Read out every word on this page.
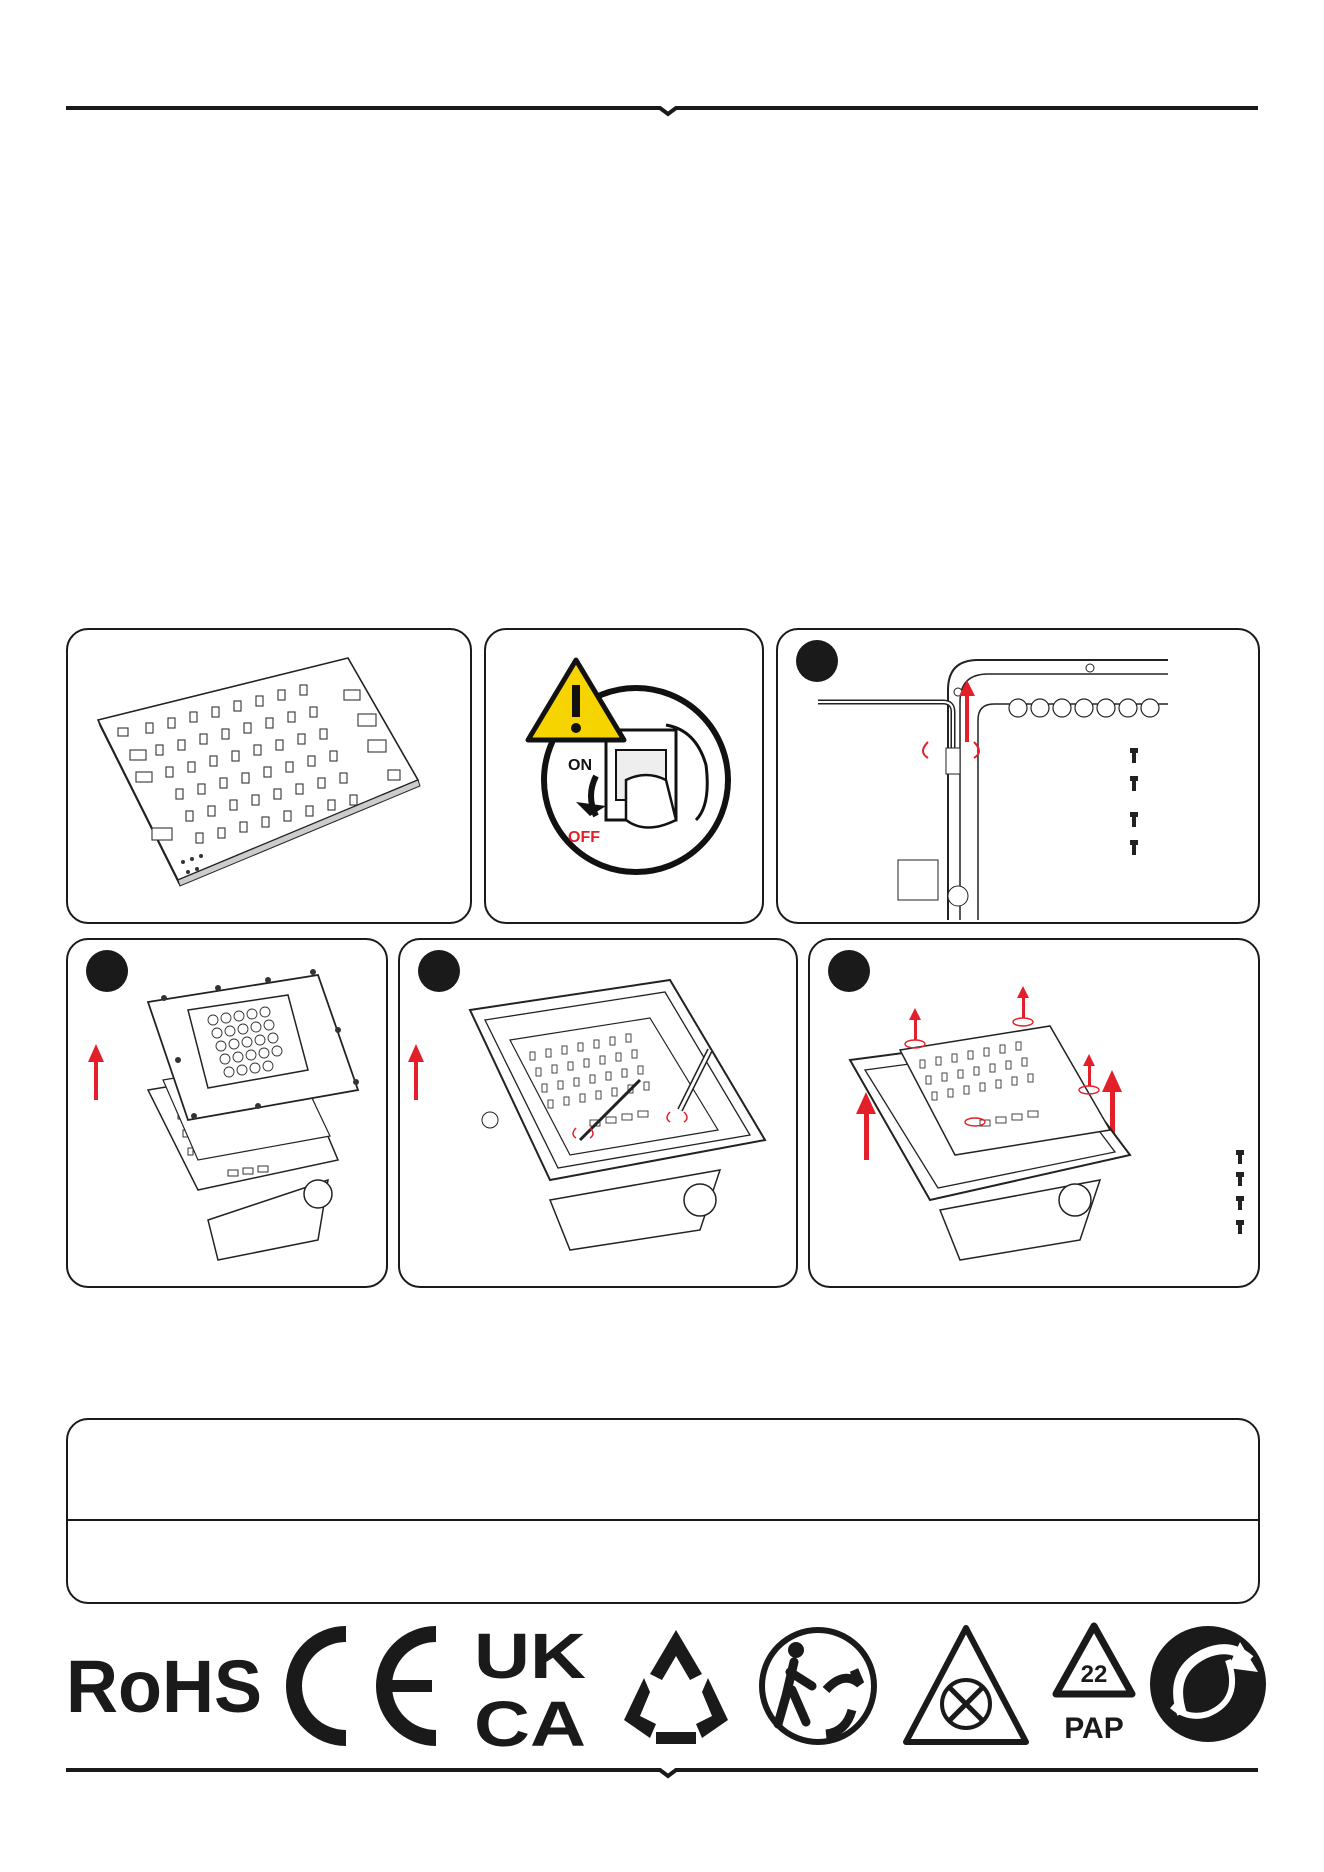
ON
OFF
RoHS	UK
CA
22
PAP
